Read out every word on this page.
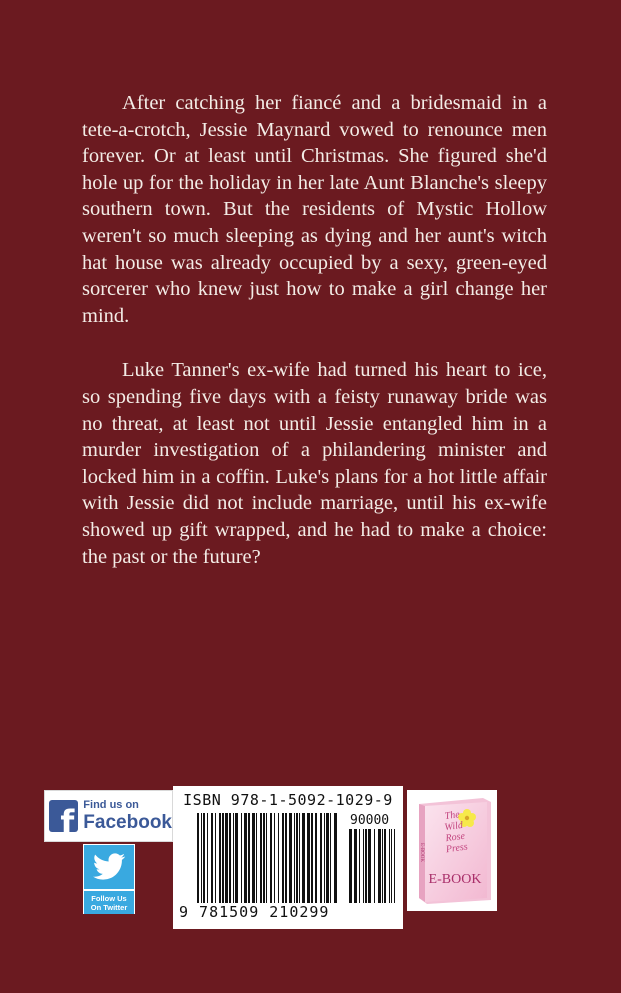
After catching her fiancé and a bridesmaid in a tete-a-crotch, Jessie Maynard vowed to renounce men forever. Or at least until Christmas. She figured she'd hole up for the holiday in her late Aunt Blanche's sleepy southern town. But the residents of Mystic Hollow weren't so much sleeping as dying and her aunt's witch hat house was already occupied by a sexy, green-eyed sorcerer who knew just how to make a girl change her mind.

Luke Tanner's ex-wife had turned his heart to ice, so spending five days with a feisty runaway bride was no threat, at least not until Jessie entangled him in a murder investigation of a philandering minister and locked him in a coffin. Luke's plans for a hot little affair with Jessie did not include marriage, until his ex-wife showed up gift wrapped, and he had to make a choice: the past or the future?

f Find us on
Facebook
Follow Us
On Twitter
ISBN 978-1-5092-1029-9
90000
9 781509 210299
The
Wild
Rose
Press
E-BOOK
E-BOOK
